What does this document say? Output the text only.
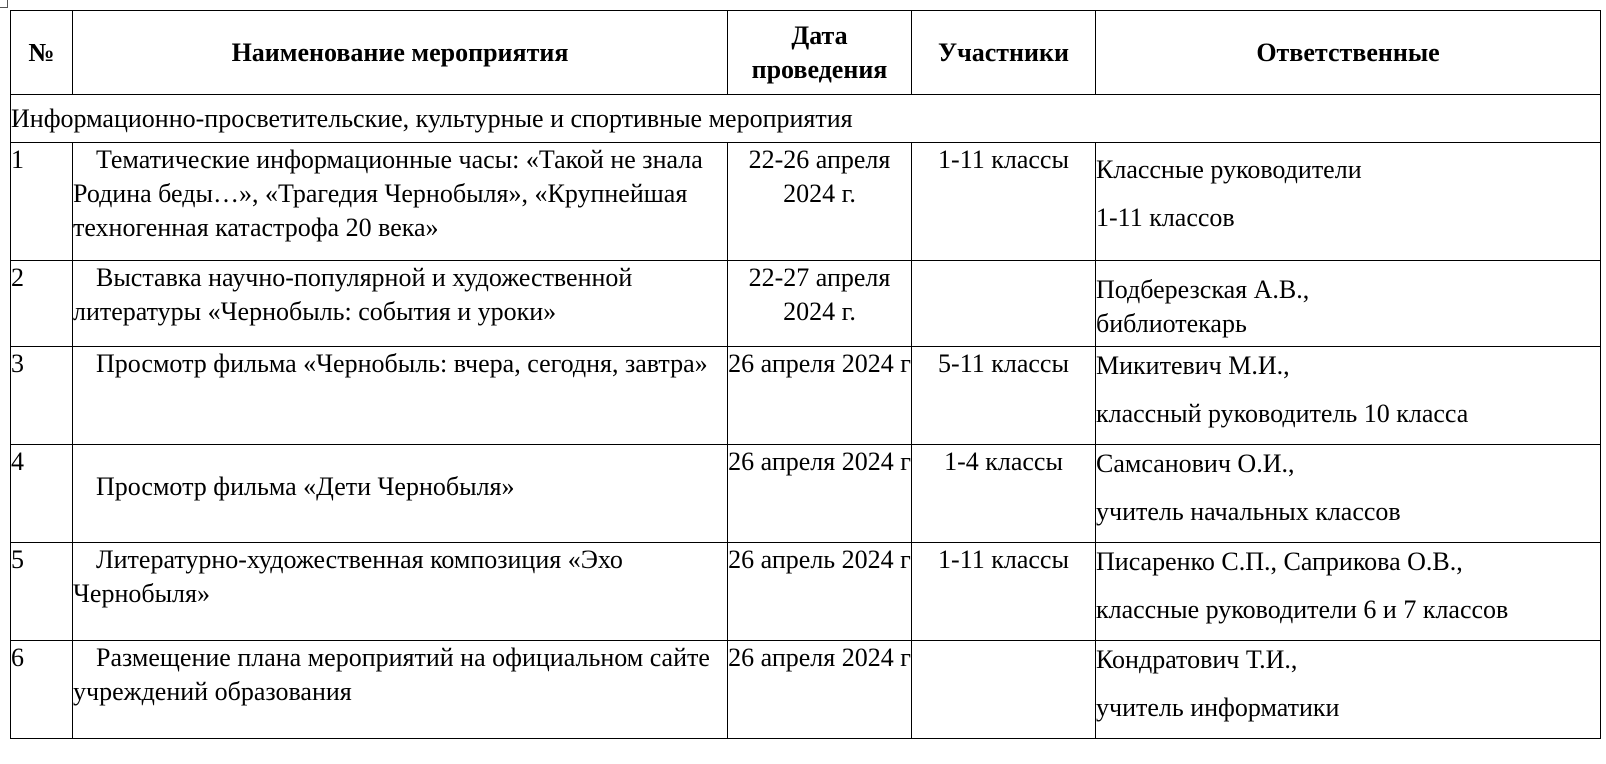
№	Наименование мероприятия	Дата проведения	Участники	Ответственные
Информационно-просветительские, культурные и спортивные мероприятия				
1	Тематические информационные часы: «Такой не знала Родина беды…», «Трагедия Чернобыля», «Крупнейшая техногенная катастрофа 20 века»	22-26 апреля 2024 г.	1-11 классы	Классные руководители
1-11 классов

2	Выставка научно-популярной и художественной литературы «Чернобыль: события и уроки»	22-27 апреля 2024 г.		Подберезская А.В.,
библиотекарь

3	Просмотр фильма «Чернобыль: вчера, сегодня, завтра»	26 апреля 2024 г	5-11 классы	Микитевич М.И.,
классный руководитель 10 класса

4	Просмотр фильма «Дети Чернобыля»	26 апреля 2024 г	1-4 классы	Самсанович О.И.,
учитель начальных классов

5	Литературно-художественная композиция «Эхо Чернобыля»	26 апрель 2024 г	1-11 классы	Писаренко С.П., Саприкова О.В.,
классные руководители 6 и 7 классов

6	Размещение плана мероприятий на официальном сайте учреждений образования	26 апреля 2024 г		Кондратович Т.И.,
учитель информатики
